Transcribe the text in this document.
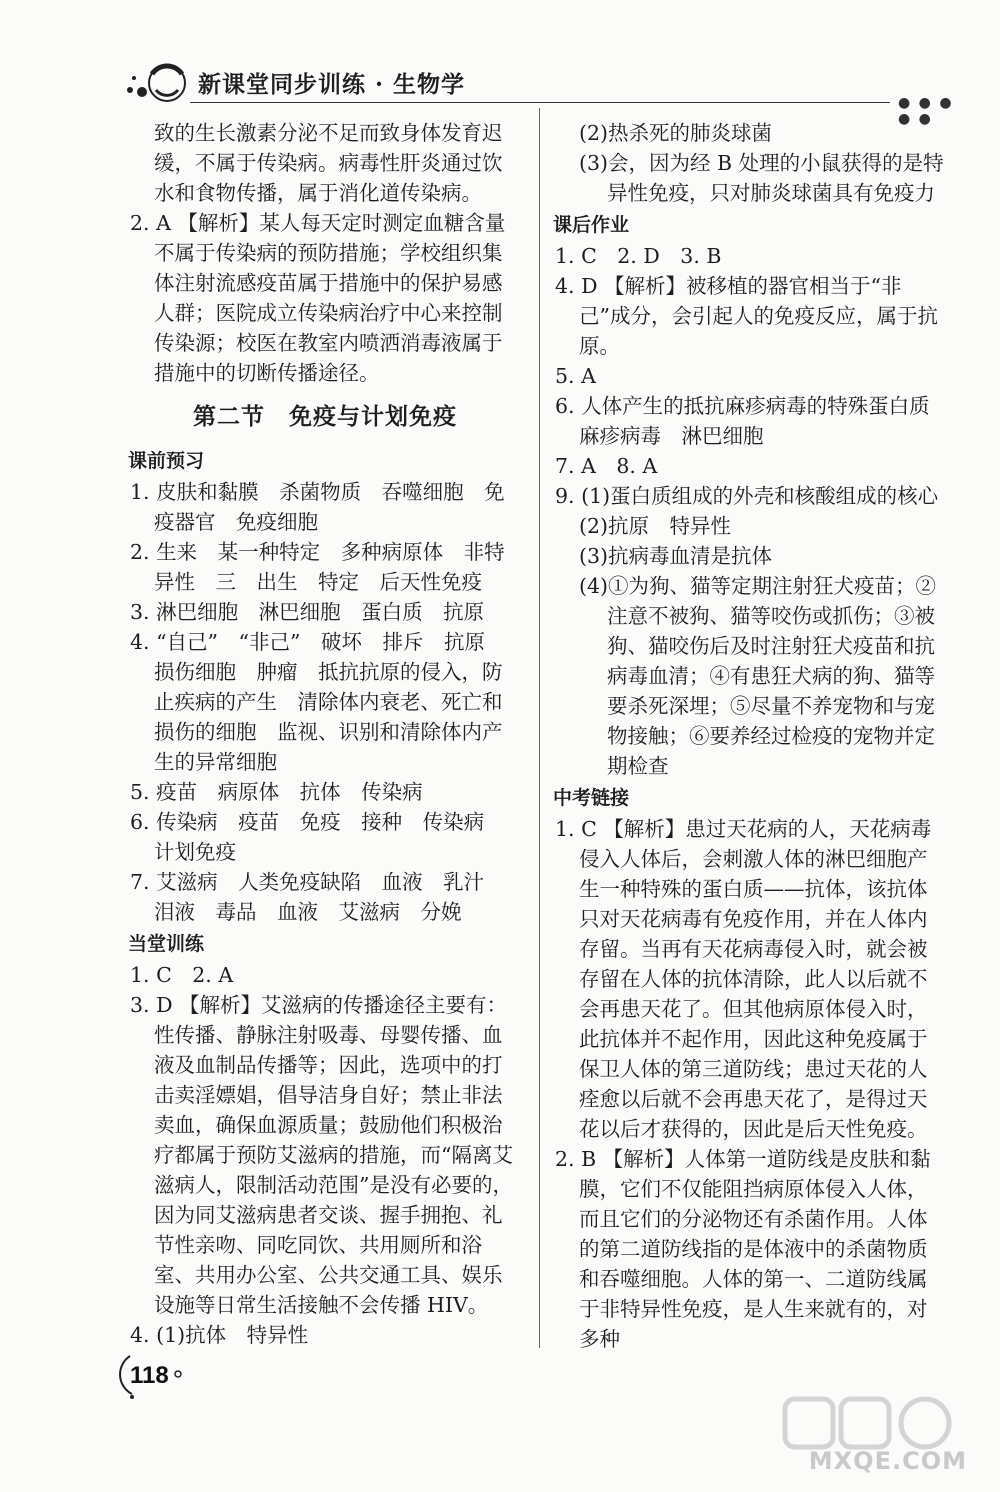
新课堂同步训练 · 生物学
● ● ● ● ●

致的生长激素分泌不足而致身体发育迟缓，不属于传染病。病毒性肝炎通过饮水和食物传播，属于消化道传染病。

2. A 【解析】某人每天定时测定血糖含量不属于传染病的预防措施；学校组织集体注射流感疫苗属于措施中的保护易感人群；医院成立传染病治疗中心来控制传染源；校医在教室内喷洒消毒液属于措施中的切断传播途径。

第二节　免疫与计划免疫

课前预习

1. 皮肤和黏膜　杀菌物质　吞噬细胞　免疫器官　免疫细胞

2. 生来　某一种特定　多种病原体　非特异性　三　出生　特定　后天性免疫

3. 淋巴细胞　淋巴细胞　蛋白质　抗原

4. “自己”　“非己”　破坏　排斥　抗原　损伤细胞　肿瘤　抵抗抗原的侵入，防止疾病的产生　清除体内衰老、死亡和损伤的细胞　监视、识别和清除体内产生的异常细胞

5. 疫苗　病原体　抗体　传染病

6. 传染病　疫苗　免疫　接种　传染病　计划免疫

7. 艾滋病　人类免疫缺陷　血液　乳汁　泪液　毒品　血液　艾滋病　分娩

当堂训练

1. C　2. A

3. D 【解析】艾滋病的传播途径主要有：性传播、静脉注射吸毒、母婴传播、血液及血制品传播等；因此，选项中的打击卖淫嫖娼，倡导洁身自好；禁止非法卖血，确保血源质量；鼓励他们积极治疗都属于预防艾滋病的措施，而“隔离艾滋病人，限制活动范围”是没有必要的，因为同艾滋病患者交谈、握手拥抱、礼节性亲吻、同吃同饮、共用厕所和浴室、共用办公室、公共交通工具、娱乐设施等日常生活接触不会传播 HIV。

4. (1)抗体　特异性

(2)热杀死的肺炎球菌

(3)会，因为经 B 处理的小鼠获得的是特异性免疫，只对肺炎球菌具有免疫力

课后作业

1. C　2. D　3. B

4. D 【解析】被移植的器官相当于“非己”成分，会引起人的免疫反应，属于抗原。

5. A

6. 人体产生的抵抗麻疹病毒的特殊蛋白质　麻疹病毒　淋巴细胞

7. A　8. A

9. (1)蛋白质组成的外壳和核酸组成的核心

(2)抗原　特异性

(3)抗病毒血清是抗体

(4)①为狗、猫等定期注射狂犬疫苗；②注意不被狗、猫等咬伤或抓伤；③被狗、猫咬伤后及时注射狂犬疫苗和抗病毒血清；④有患狂犬病的狗、猫等要杀死深埋；⑤尽量不养宠物和与宠物接触；⑥要养经过检疫的宠物并定期检查

中考链接

1. C 【解析】患过天花病的人，天花病毒侵入人体后，会刺激人体的淋巴细胞产生一种特殊的蛋白质——抗体，该抗体只对天花病毒有免疫作用，并在人体内存留。当再有天花病毒侵入时，就会被存留在人体的抗体清除，此人以后就不会再患天花了。但其他病原体侵入时，此抗体并不起作用，因此这种免疫属于保卫人体的第三道防线；患过天花的人痊愈以后就不会再患天花了，是得过天花以后才获得的，因此是后天性免疫。

2. B 【解析】人体第一道防线是皮肤和黏膜，它们不仅能阻挡病原体侵入人体，而且它们的分泌物还有杀菌作用。人体的第二道防线指的是体液中的杀菌物质和吞噬细胞。人体的第一、二道防线属于非特异性免疫，是人生来就有的，对多种

118
MXQE.COM
